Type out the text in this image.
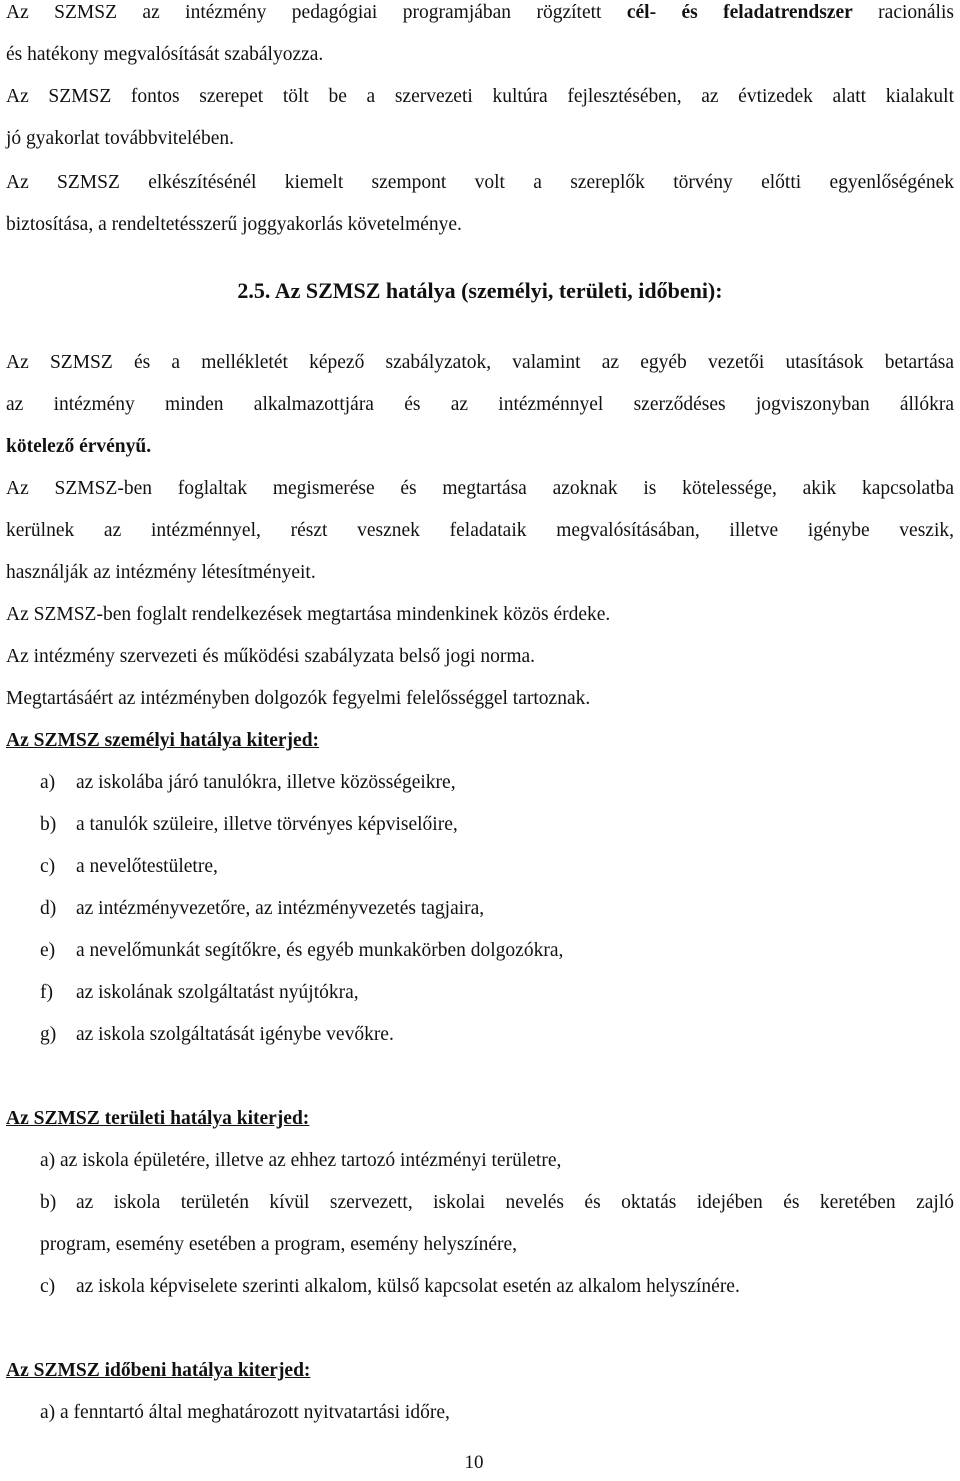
Az SZMSZ az intézmény pedagógiai programjában rögzített cél- és feladatrendszer racionális
és hatékony megvalósítását szabályozza.

Az SZMSZ fontos szerepet tölt be a szervezeti kultúra fejlesztésében, az évtizedek alatt kialakult
jó gyakorlat továbbvitelében.

Az SZMSZ elkészítésénél kiemelt szempont volt a szereplők törvény előtti egyenlőségének
biztosítása, a rendeltetésszerű joggyakorlás követelménye.

2.5. Az SZMSZ hatálya (személyi, területi, időbeni):

Az SZMSZ és a mellékletét képező szabályzatok, valamint az egyéb vezetői utasítások betartása
az intézmény minden alkalmazottjára és az intézménnyel szerződéses jogviszonyban állókra
kötelező érvényű.

Az SZMSZ-ben foglaltak megismerése és megtartása azoknak is kötelessége, akik kapcsolatba
kerülnek az intézménnyel, részt vesznek feladataik megvalósításában, illetve igénybe veszik,
használják az intézmény létesítményeit.

Az SZMSZ-ben foglalt rendelkezések megtartása mindenkinek közös érdeke.

Az intézmény szervezeti és működési szabályzata belső jogi norma.

Megtartásáért az intézményben dolgozók fegyelmi felelősséggel tartoznak.

Az SZMSZ személyi hatálya kiterjed:

a)	az iskolába járó tanulókra, illetve közösségeikre,
b)	a tanulók szüleire, illetve törvényes képviselőire,
c)	a nevelőtestületre,
d)	az intézményvezetőre, az intézményvezetés tagjaira,
e)	a nevelőmunkát segítőkre, és egyéb munkakörben dolgozókra,
f)	az iskolának szolgáltatást nyújtókra,
g)	az iskola szolgáltatását igénybe vevőkre.

Az SZMSZ területi hatálya kiterjed:

a) az iskola épületére, illetve az ehhez tartozó intézményi területre,
b)	az iskola területén kívül szervezett, iskolai nevelés és oktatás idejében és keretében zajló
program, esemény esetében a program, esemény helyszínére,
c)	az iskola képviselete szerinti alkalom, külső kapcsolat esetén az alkalom helyszínére.

Az SZMSZ időbeni hatálya kiterjed:

a) a fenntartó által meghatározott nyitvatartási időre,
10
